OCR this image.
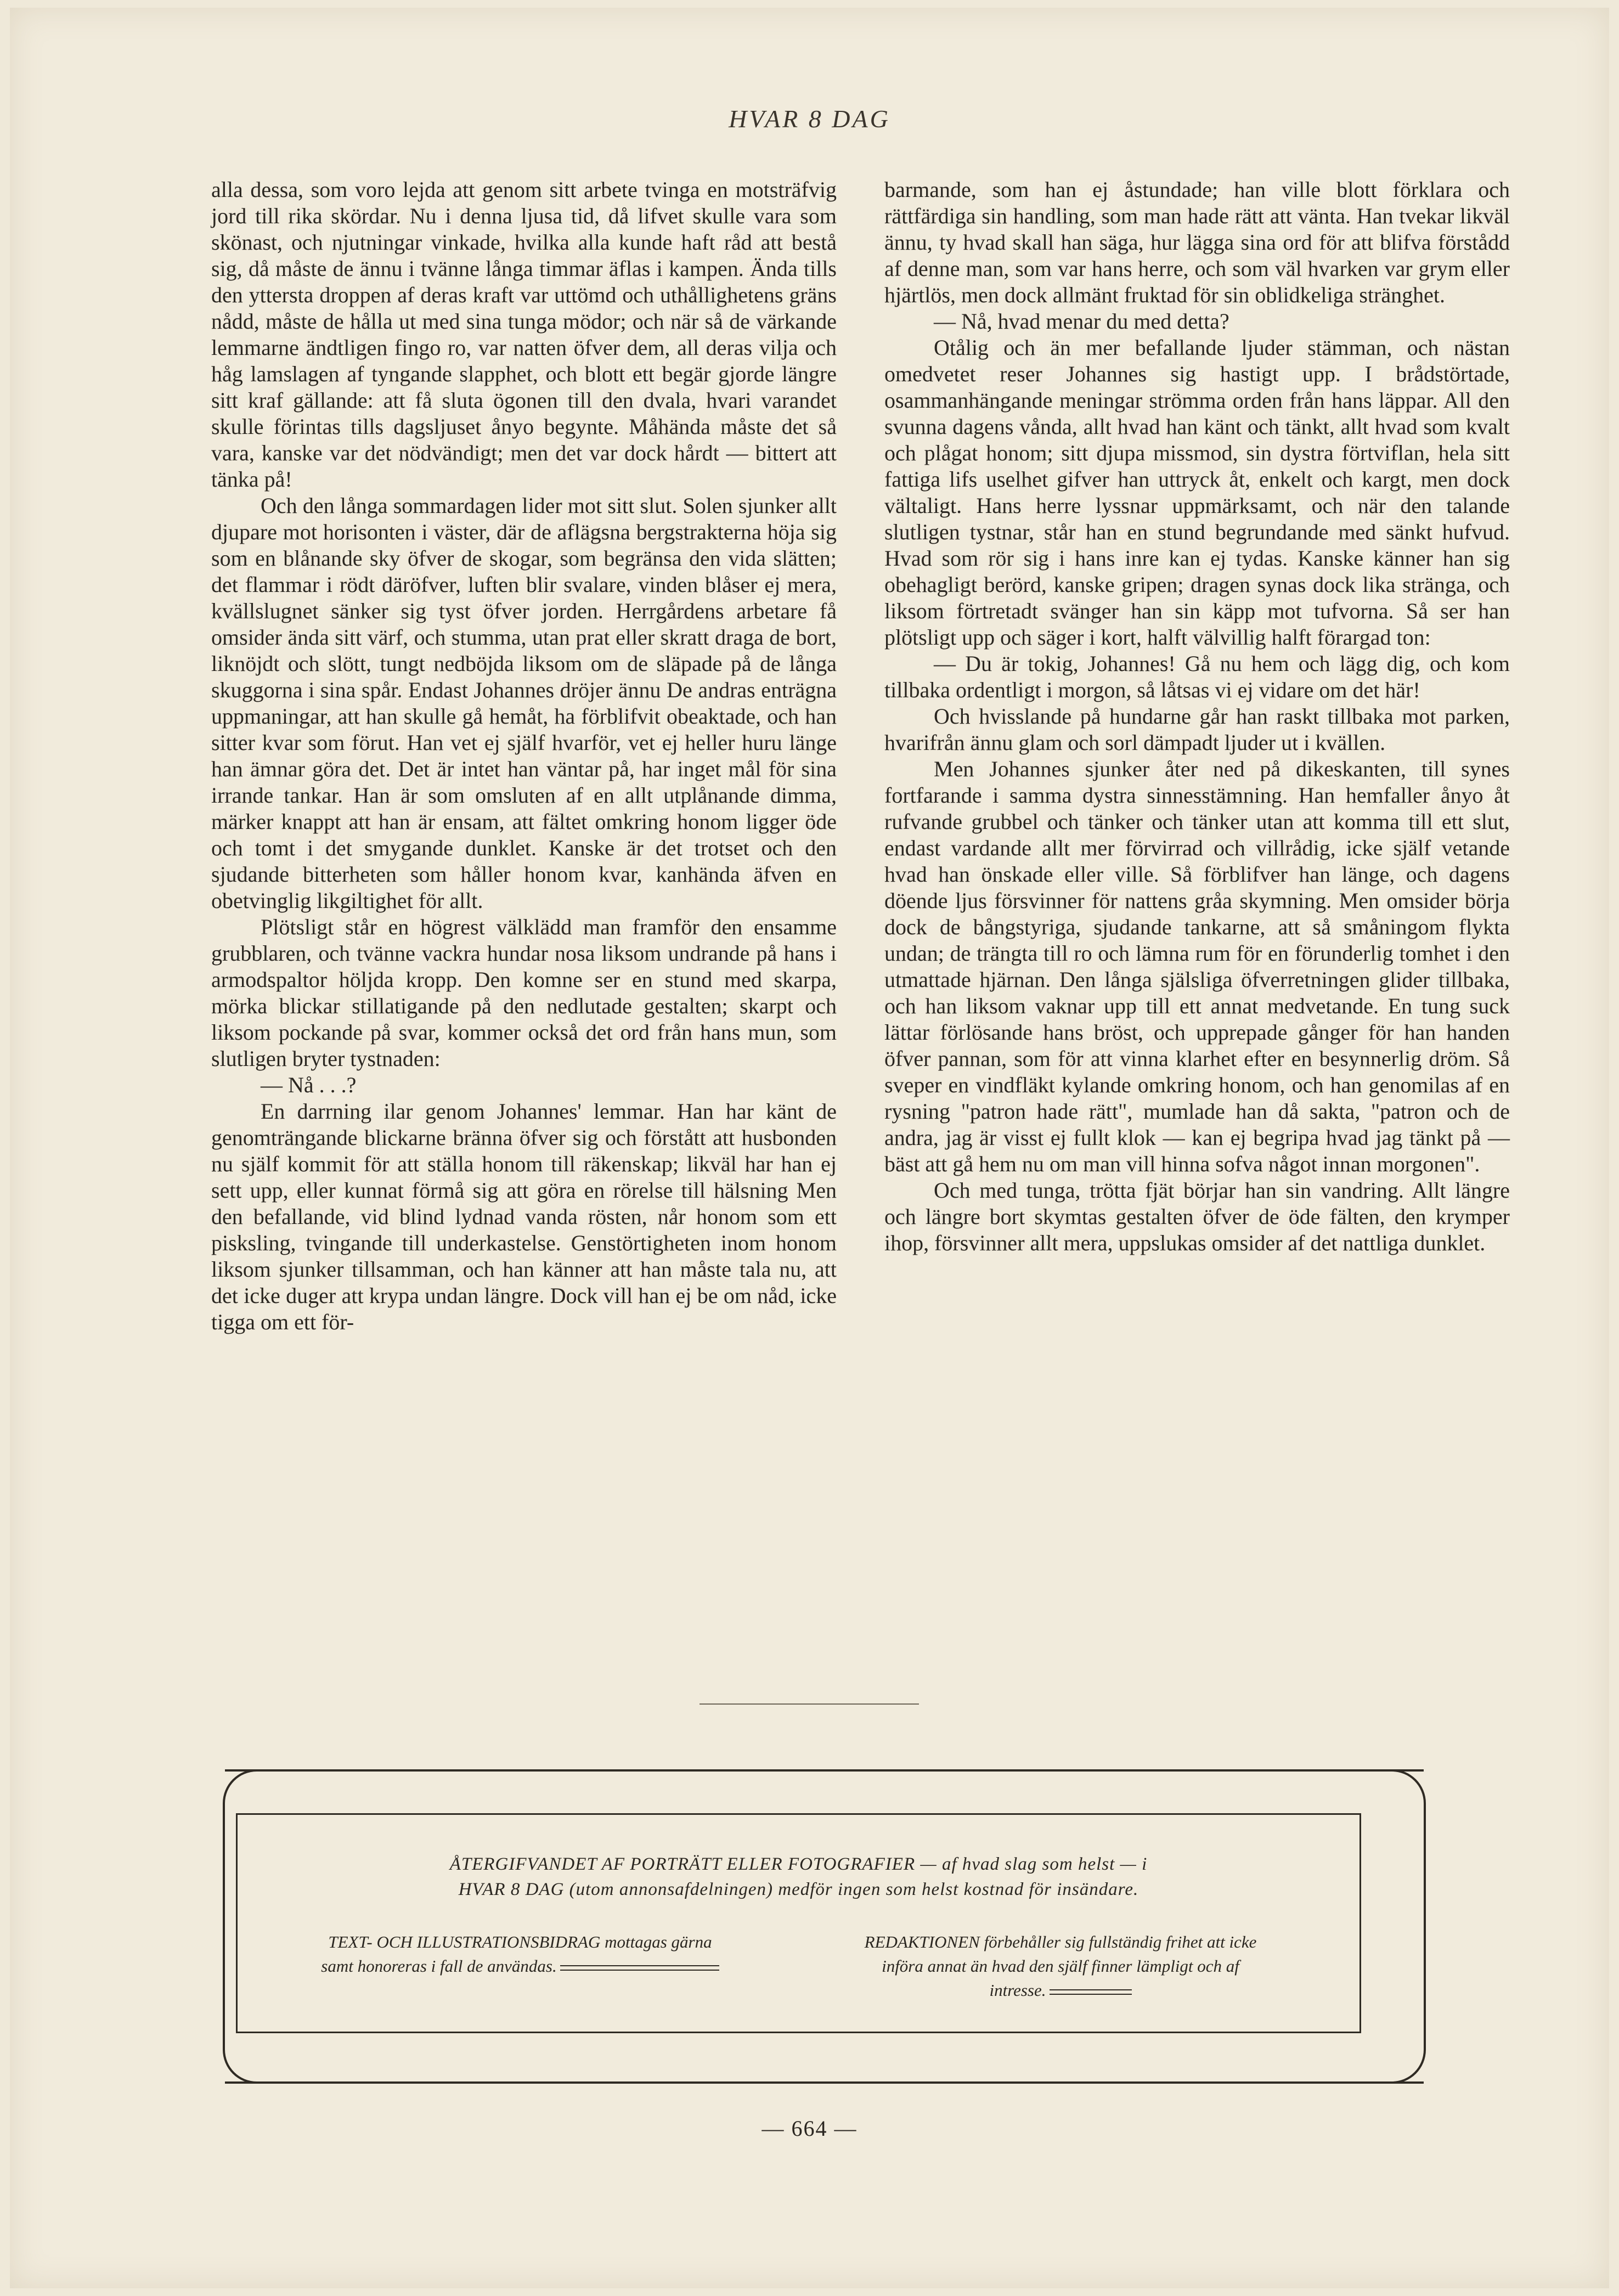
HVAR 8 DAG

alla dessa, som voro lejda att genom sitt arbete tvinga en motsträfvig jord till rika skördar. Nu i denna ljusa tid, då lifvet skulle vara som skönast, och njutningar vinkade, hvilka alla kunde haft råd att bestå sig, då måste de ännu i tvänne långa timmar äflas i kampen. Ända tills den yttersta droppen af deras kraft var uttömd och uthållighetens gräns nådd, måste de hålla ut med sina tunga mödor; och när så de värkande lemmarne ändtligen fingo ro, var natten öfver dem, all deras vilja och håg lamslagen af tyngande slapphet, och blott ett begär gjorde längre sitt kraf gällande: att få sluta ögonen till den dvala, hvari varandet skulle förintas tills dagsljuset ånyo begynte. Måhända måste det så vara, kanske var det nödvändigt; men det var dock hårdt — bittert att tänka på!

Och den långa sommardagen lider mot sitt slut. Solen sjunker allt djupare mot horisonten i väster, där de aflägsna bergstrakterna höja sig som en blånande sky öfver de skogar, som begränsa den vida slätten; det flammar i rödt däröfver, luften blir svalare, vinden blåser ej mera, kvällslugnet sänker sig tyst öfver jorden. Herrgårdens arbetare få omsider ända sitt värf, och stumma, utan prat eller skratt draga de bort, liknöjdt och slött, tungt nedböjda liksom om de släpade på de långa skuggorna i sina spår. Endast Johannes dröjer ännu De andras enträgna uppmaningar, att han skulle gå hemåt, ha förblifvit obeaktade, och han sitter kvar som förut. Han vet ej själf hvarför, vet ej heller huru länge han ämnar göra det. Det är intet han väntar på, har inget mål för sina irrande tankar. Han är som omsluten af en allt utplånande dimma, märker knappt att han är ensam, att fältet omkring honom ligger öde och tomt i det smygande dunklet. Kanske är det trotset och den sjudande bitterheten som håller honom kvar, kanhända äfven en obetvinglig likgiltighet för allt.

Plötsligt står en högrest välklädd man framför den ensamme grubblaren, och tvänne vackra hundar nosa liksom undrande på hans i armodspaltor höljda kropp. Den komne ser en stund med skarpa, mörka blickar stillatigande på den nedlutade gestalten; skarpt och liksom pockande på svar, kommer också det ord från hans mun, som slutligen bryter tystnaden:

— Nå . . .?

En darrning ilar genom Johannes' lemmar. Han har känt de genomträngande blickarne bränna öfver sig och förstått att husbonden nu själf kommit för att ställa honom till räkenskap; likväl har han ej sett upp, eller kunnat förmå sig att göra en rörelse till hälsning Men den befallande, vid blind lydnad vanda rösten, når honom som ett pisksling, tvingande till underkastelse. Genstörtigheten inom honom liksom sjunker tillsamman, och han känner att han måste tala nu, att det icke duger att krypa undan längre. Dock vill han ej be om nåd, icke tigga om ett för-

barmande, som han ej åstundade; han ville blott förklara och rättfärdiga sin handling, som man hade rätt att vänta. Han tvekar likväl ännu, ty hvad skall han säga, hur lägga sina ord för att blifva förstådd af denne man, som var hans herre, och som väl hvarken var grym eller hjärtlös, men dock allmänt fruktad för sin oblidkeliga stränghet.

— Nå, hvad menar du med detta?

Otålig och än mer befallande ljuder stämman, och nästan omedvetet reser Johannes sig hastigt upp. I brådstörtade, osammanhängande meningar strömma orden från hans läppar. All den svunna dagens vånda, allt hvad han känt och tänkt, allt hvad som kvalt och plågat honom; sitt djupa missmod, sin dystra förtviflan, hela sitt fattiga lifs uselhet gifver han uttryck åt, enkelt och kargt, men dock vältaligt. Hans herre lyssnar uppmärksamt, och när den talande slutligen tystnar, står han en stund begrundande med sänkt hufvud. Hvad som rör sig i hans inre kan ej tydas. Kanske känner han sig obehagligt berörd, kanske gripen; dragen synas dock lika stränga, och liksom förtretadt svänger han sin käpp mot tufvorna. Så ser han plötsligt upp och säger i kort, halft välvillig halft förargad ton:

— Du är tokig, Johannes! Gå nu hem och lägg dig, och kom tillbaka ordentligt i morgon, så låtsas vi ej vidare om det här!

Och hvisslande på hundarne går han raskt tillbaka mot parken, hvarifrån ännu glam och sorl dämpadt ljuder ut i kvällen.

Men Johannes sjunker åter ned på dikeskanten, till synes fortfarande i samma dystra sinnesstämning. Han hemfaller ånyo åt rufvande grubbel och tänker och tänker utan att komma till ett slut, endast vardande allt mer förvirrad och villrådig, icke själf vetande hvad han önskade eller ville. Så förblifver han länge, och dagens döende ljus försvinner för nattens gråa skymning. Men omsider börja dock de bångstyriga, sjudande tankarne, att så småningom flykta undan; de trängta till ro och lämna rum för en förunderlig tomhet i den utmattade hjärnan. Den långa själsliga öfverretningen glider tillbaka, och han liksom vaknar upp till ett annat medvetande. En tung suck lättar förlösande hans bröst, och upprepade gånger för han handen öfver pannan, som för att vinna klarhet efter en besynnerlig dröm. Så sveper en vindfläkt kylande omkring honom, och han genomilas af en rysning "patron hade rätt", mumlade han då sakta, "patron och de andra, jag är visst ej fullt klok — kan ej begripa hvad jag tänkt på — bäst att gå hem nu om man vill hinna sofva något innan morgonen".

Och med tunga, trötta fjät börjar han sin vandring. Allt längre och längre bort skymtas gestalten öfver de öde fälten, den krymper ihop, försvinner allt mera, uppslukas omsider af det nattliga dunklet.

ÅTERGIFVANDET AF PORTRÄTT ELLER FOTOGRAFIER — af hvad slag som helst — i
HVAR 8 DAG (utom annonsafdelningen) medför ingen som helst kostnad för insändare.
TEXT- OCH ILLUSTRATIONSBIDRAG mottagas gärna samt honoreras i fall de användas.
REDAKTIONEN förbehåller sig fullständig frihet att icke införa annat än hvad den själf finner lämpligt och af intresse.
— 664 —
